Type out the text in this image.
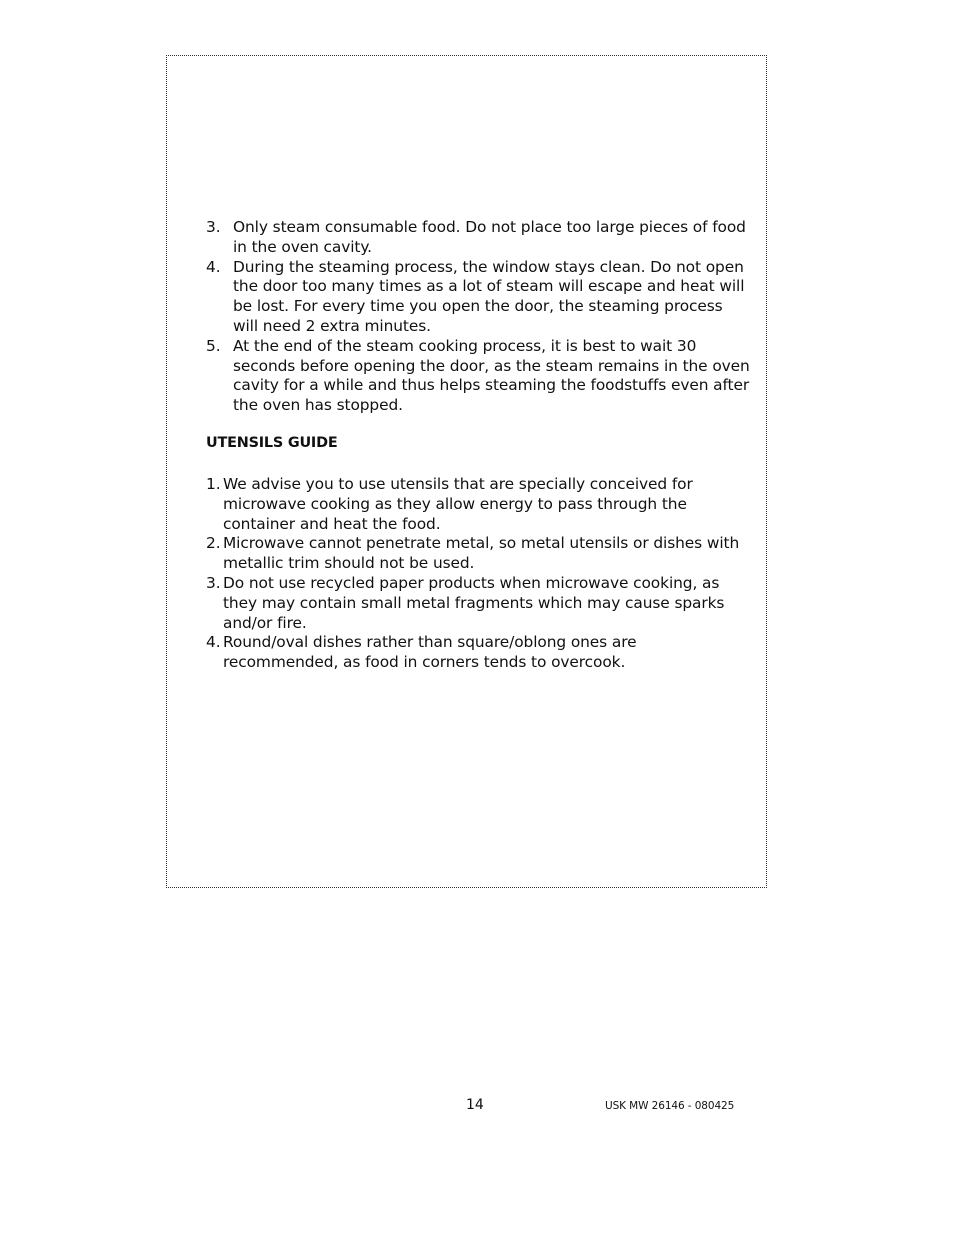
3. Only steam consumable food. Do not place too large pieces of food in the oven cavity.
4. During the steaming process, the window stays clean. Do not open the door too many times as a lot of steam will escape and heat will be lost. For every time you open the door, the steaming process will need 2 extra minutes.
5. At the end of the steam cooking process, it is best to wait 30 seconds before opening the door, as the steam remains in the oven cavity for a while and thus helps steaming the foodstuffs even after the oven has stopped.
UTENSILS GUIDE
1. We advise you to use utensils that are specially conceived for microwave cooking as they allow energy to pass through the container and heat the food.
2. Microwave cannot penetrate metal, so metal utensils or dishes with metallic trim should not be used.
3. Do not use recycled paper products when microwave cooking, as they may contain small metal fragments which may cause sparks and/or fire.
4. Round/oval dishes rather than square/oblong ones are recommended, as food in corners tends to overcook.
14	USK MW 26146 - 080425
